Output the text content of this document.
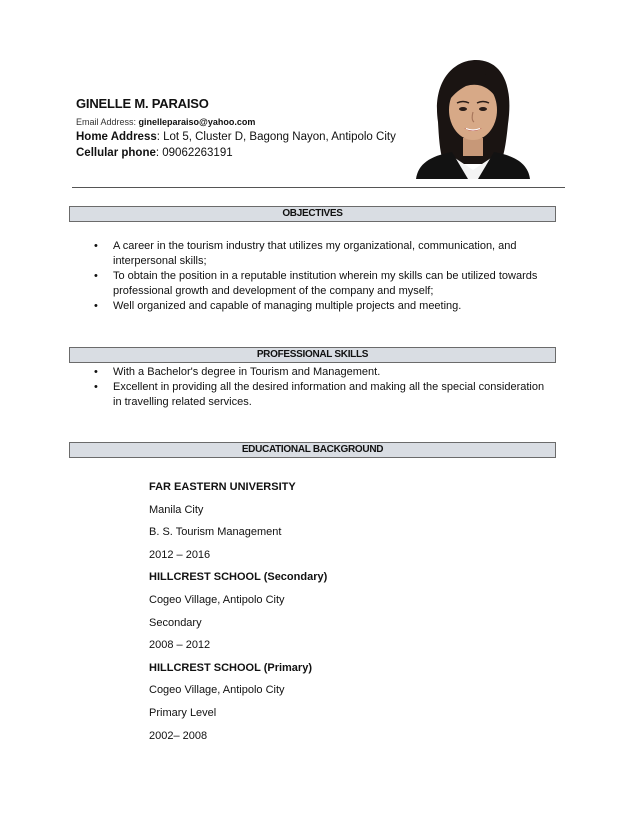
GINELLE M. PARAISO
Email Address: ginelleparaiso@yahoo.com
Home Address: Lot 5, Cluster D, Bagong Nayon, Antipolo City
Cellular phone: 09062263191
OBJECTIVES
• A career in the tourism industry that utilizes my organizational, communication, and interpersonal skills;
• To obtain the position in a reputable institution wherein my skills can be utilized towards professional growth and development of the company and myself;
• Well organized and capable of managing multiple projects and meeting.
PROFESSIONAL SKILLS
• With a Bachelor's degree in Tourism and Management.
• Excellent in providing all the desired information and making all the special consideration in travelling related services.
EDUCATIONAL BACKGROUND
FAR EASTERN UNIVERSITY
Manila City
B. S. Tourism Management
2012 – 2016
HILLCREST SCHOOL (Secondary)
Cogeo Village, Antipolo City
Secondary
2008 – 2012
HILLCREST SCHOOL (Primary)
Cogeo Village, Antipolo City
Primary Level
2002– 2008
